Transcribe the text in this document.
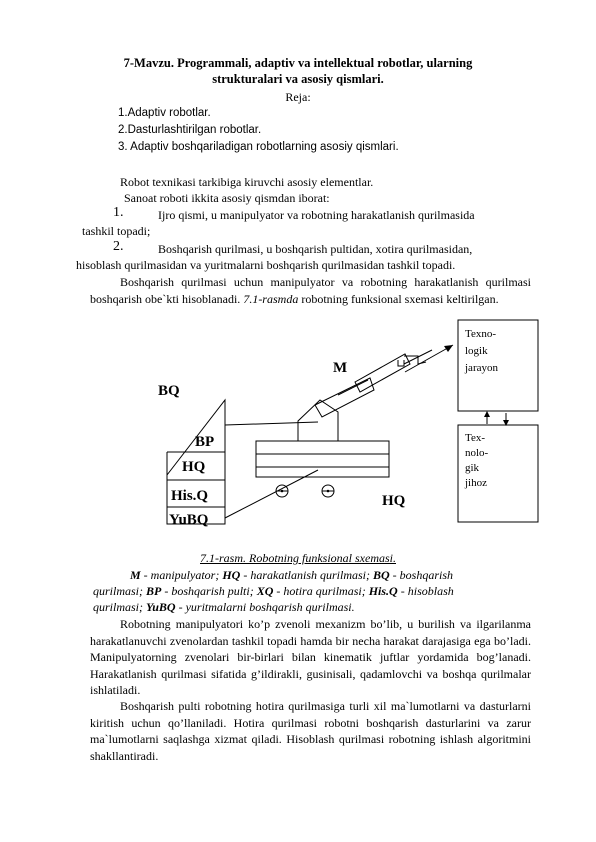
7-Mavzu. Programmali, adaptiv va intellektual robotlar, ularning
strukturalari va asosiy qismlari.
Reja:
1.Adaptiv robotlar.
2.Dasturlashtirilgan robotlar.
3. Adaptiv boshqariladigan robotlarning asosiy qismlari.
Robot texnikasi tarkibiga kiruvchi asosiy elementlar.
Sanoat roboti ikkita asosiy qismdan iborat:
1.	Ijro qismi, u manipulyator va robotning harakatlanish qurilmasida
tashkil topadi;
2.	Boshqarish qurilmasi, u boshqarish pultidan, xotira qurilmasidan,
hisoblash qurilmasidan va yuritmalarni boshqarish qurilmasidan tashkil topadi.
Boshqarish qurilmasi uchun manipulyator va robotning harakatlanish qurilmasi boshqarish obe`kti hisoblanadi. 7.1-rasmda robotning funksional sxemasi keltirilgan.
M
BQ
BP
HQ
His.Q
YuBQ
HQ
Texno-
logik
jarayon
Tex-
nolo-
gik
jihoz
7.1-rasm. Robotning funksional sxemasi.
M - manipulyator; HQ - harakatlanish qurilmasi; BQ - boshqarish
qurilmasi; BP - boshqarish pulti; XQ - hotira qurilmasi; His.Q - hisoblash
qurilmasi; YuBQ - yuritmalarni boshqarish qurilmasi.
Robotning manipulyatori ko’p zvenoli mexanizm bo’lib, u burilish va ilgarilanma harakatlanuvchi zvenolardan tashkil topadi hamda bir necha harakat darajasiga ega bo’ladi. Manipulyatorning zvenolari bir-birlari bilan kinematik juftlar yordamida bog’lanadi. Harakatlanish qurilmasi sifatida g’ildirakli, gusinisali, qadamlovchi va boshqa qurilmalar ishlatiladi.
Boshqarish pulti robotning hotira qurilmasiga turli xil ma`lumotlarni va dasturlarni kiritish uchun qo’llaniladi. Hotira qurilmasi robotni boshqarish dasturlarini va zarur ma`lumotlarni saqlashga xizmat qiladi. Hisoblash qurilmasi robotning ishlash algoritmini shakllantiradi.
